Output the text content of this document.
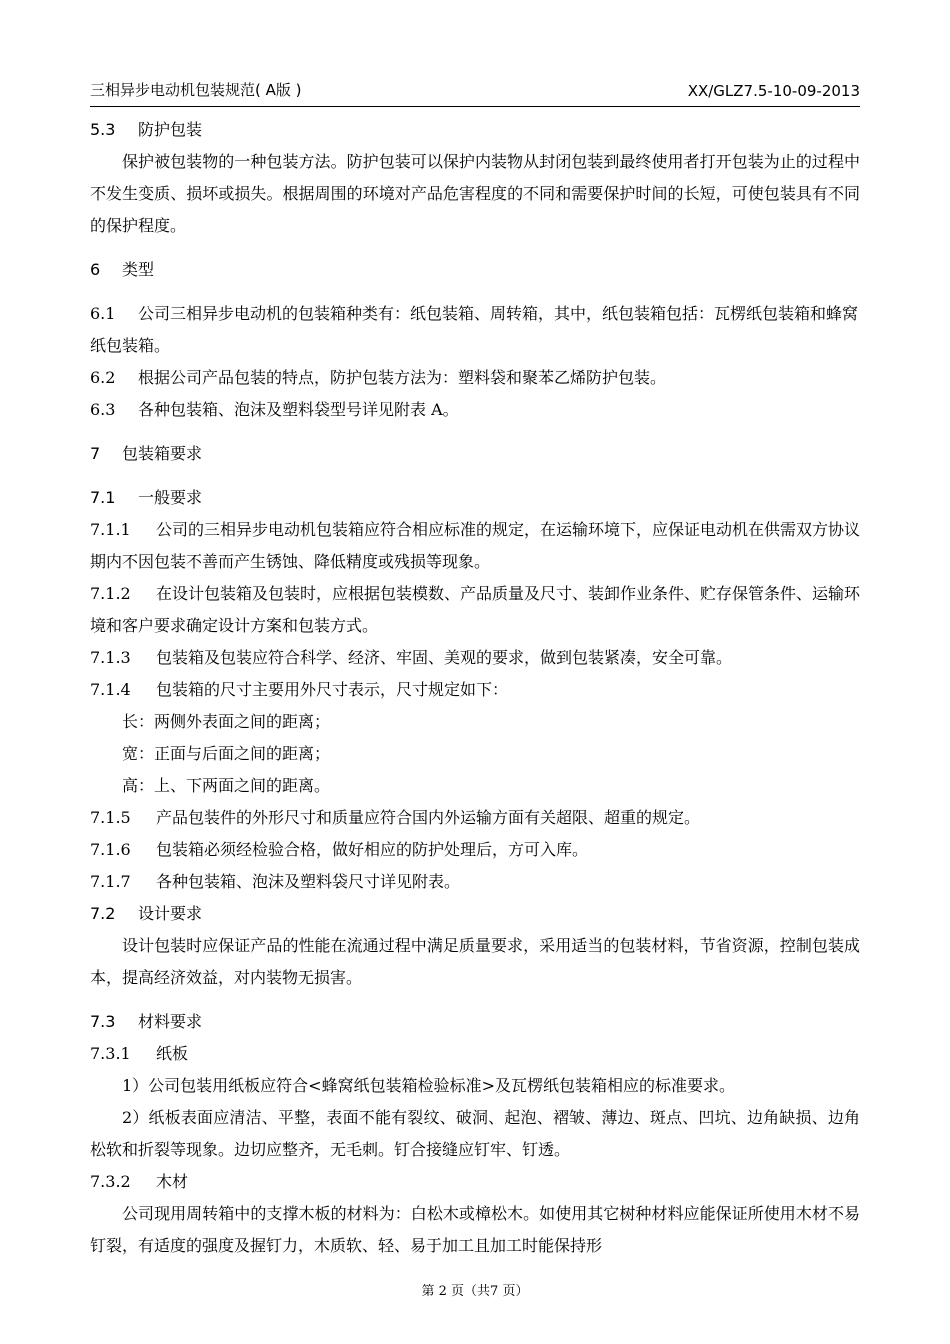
三相异步电动机包装规范( A版 )	XX/GLZ7.5-10-09-2013
5.3 防护包装
保护被包装物的一种包装方法。防护包装可以保护内装物从封闭包装到最终使用者打开包装为止的过程中不发生变质、损坏或损失。根据周围的环境对产品危害程度的不同和需要保护时间的长短，可使包装具有不同的保护程度。
6 类型
6.1 公司三相异步电动机的包装箱种类有：纸包装箱、周转箱，其中，纸包装箱包括：瓦楞纸包装箱和蜂窝纸包装箱。
6.2 根据公司产品包装的特点，防护包装方法为：塑料袋和聚苯乙烯防护包装。
6.3 各种包装箱、泡沫及塑料袋型号详见附表 A。
7 包装箱要求
7.1 一般要求
7.1.1 公司的三相异步电动机包装箱应符合相应标准的规定，在运输环境下，应保证电动机在供需双方协议期内不因包装不善而产生锈蚀、降低精度或残损等现象。
7.1.2 在设计包装箱及包装时，应根据包装模数、产品质量及尺寸、装卸作业条件、贮存保管条件、运输环境和客户要求确定设计方案和包装方式。
7.1.3 包装箱及包装应符合科学、经济、牢固、美观的要求，做到包装紧凑，安全可靠。
7.1.4 包装箱的尺寸主要用外尺寸表示，尺寸规定如下：
长：两侧外表面之间的距离；
宽：正面与后面之间的距离；
高：上、下两面之间的距离。
7.1.5 产品包装件的外形尺寸和质量应符合国内外运输方面有关超限、超重的规定。
7.1.6 包装箱必须经检验合格，做好相应的防护处理后，方可入库。
7.1.7 各种包装箱、泡沫及塑料袋尺寸详见附表。
7.2 设计要求
设计包装时应保证产品的性能在流通过程中满足质量要求，采用适当的包装材料，节省资源，控制包装成本，提高经济效益，对内装物无损害。
7.3 材料要求
7.3.1 纸板
1）公司包装用纸板应符合<蜂窝纸包装箱检验标准>及瓦楞纸包装箱相应的标准要求。
2）纸板表面应清洁、平整，表面不能有裂纹、破洞、起泡、褶皱、薄边、斑点、凹坑、边角缺损、边角松软和折裂等现象。边切应整齐，无毛刺。钉合接缝应钉牢、钉透。
7.3.2 木材
公司现用周转箱中的支撑木板的材料为：白松木或樟松木。如使用其它树种材料应能保证所使用木材不易钉裂，有适度的强度及握钉力，木质软、轻、易于加工且加工时能保持形
第 2 页（共7 页）
